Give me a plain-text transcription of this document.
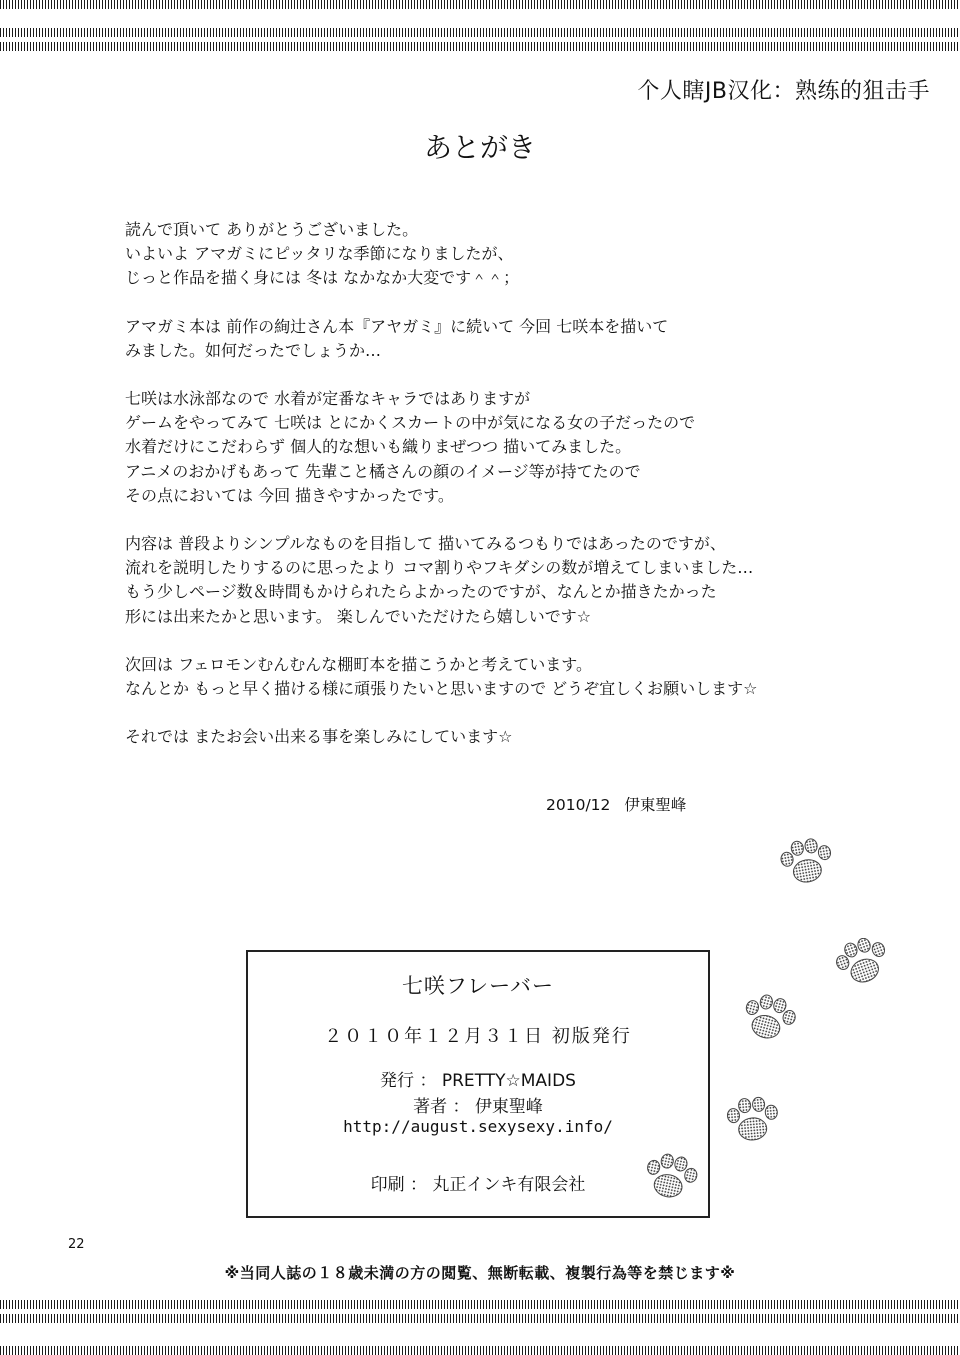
个人瞎JB汉化：熟练的狙击手
あとがき
読んで頂いて ありがとうございました。
いよいよ アマガミにピッタリな季節になりましたが、
じっと作品を描く身には 冬は なかなか大変です＾＾；
アマガミ本は 前作の絢辻さん本『アヤガミ』に続いて 今回 七咲本を描いて
みました。如何だったでしょうか…
七咲は水泳部なので 水着が定番なキャラではありますが
ゲームをやってみて 七咲は とにかくスカートの中が気になる女の子だったので
水着だけにこだわらず 個人的な想いも織りまぜつつ 描いてみました。
アニメのおかげもあって 先輩こと橘さんの顔のイメージ等が持てたので
その点においては 今回 描きやすかったです。
内容は 普段よりシンプルなものを目指して 描いてみるつもりではあったのですが、
流れを説明したりするのに思ったより コマ割りやフキダシの数が増えてしまいました…
もう少しページ数＆時間もかけられたらよかったのですが、なんとか描きたかった
形には出来たかと思います。 楽しんでいただけたら嬉しいです☆
次回は フェロモンむんむんな棚町本を描こうかと考えています。
なんとか もっと早く描ける様に頑張りたいと思いますので どうぞ宜しくお願いします☆
それでは またお会い出来る事を楽しみにしています☆
2010/12 伊東聖峰
七咲フレーバー
２０１０年１２月３１日 初版発行
発行 ： PRETTY☆MAIDS
著者 ： 伊東聖峰
http://august.sexysexy.info/
印刷 ： 丸正インキ有限会社
22
※当同人誌の１８歳未満の方の閲覧、無断転載、複製行為等を禁じます※
